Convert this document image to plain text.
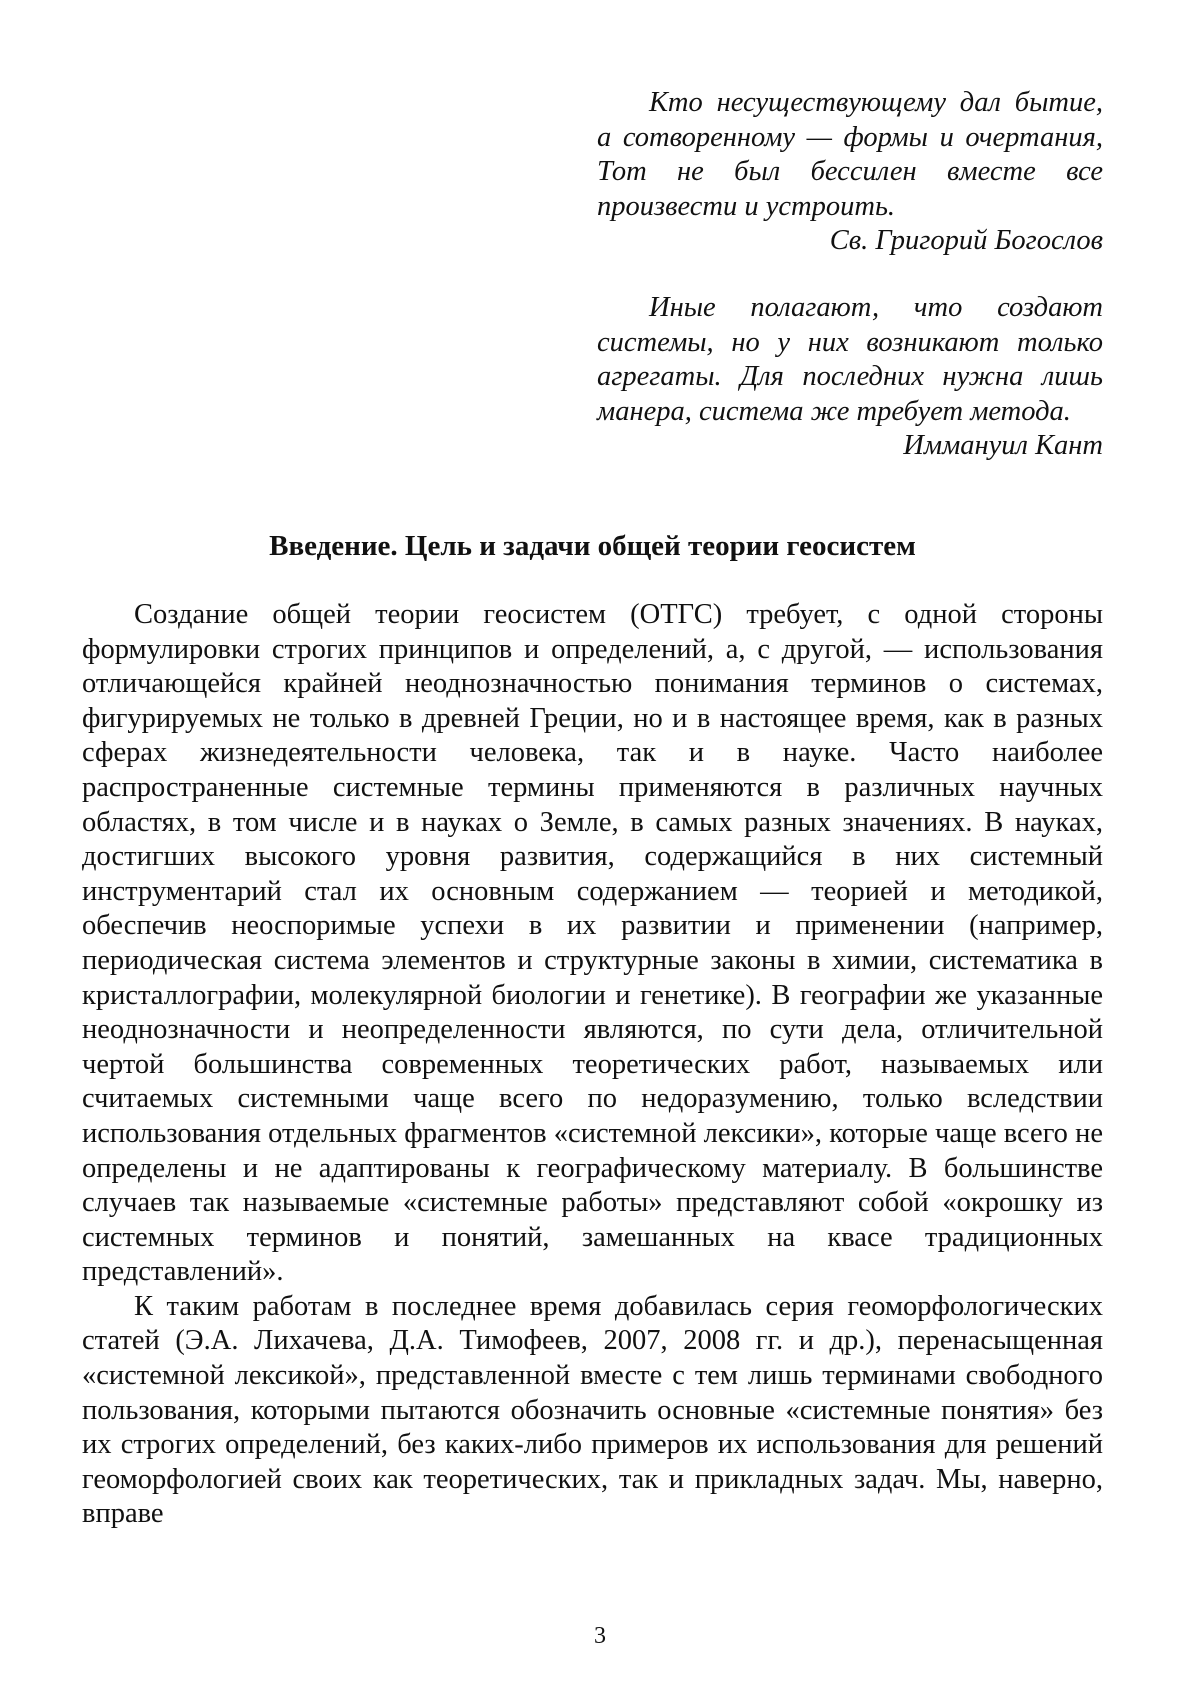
Кто несуществующему дал бытие, а сотворенному — формы и очертания, Тот не был бессилен вместе все произвести и устроить.

Св. Григорий Богослов

Иные полагают, что создают системы, но у них возникают только агрегаты. Для последних нужна лишь манера, система же требует метода.

Иммануил Кант

Введение. Цель и задачи общей теории геосистем

Создание общей теории геосистем (ОТГС) требует, с одной стороны формулировки строгих принципов и определений, а, с другой, — использования отличающейся крайней неоднозначностью понимания терминов о системах, фигурируемых не только в древней Греции, но и в настоящее время, как в разных сферах жизнедеятельности человека, так и в науке. Часто наиболее распространенные системные термины применяются в различных научных областях, в том числе и в науках о Земле, в самых разных значениях. В науках, достигших высокого уровня развития, содержащийся в них системный инструментарий стал их основным содержанием — теорией и методикой, обеспечив неоспоримые успехи в их развитии и применении (например, периодическая система элементов и структурные законы в химии, систематика в кристаллографии, молекулярной биологии и генетике). В географии же указанные неоднозначности и неопределенности являются, по сути дела, отличительной чертой большинства современных теоретических работ, называемых или считаемых системными чаще всего по недоразумению, только вследствии использования отдельных фрагментов «системной лексики», которые чаще всего не определены и не адаптированы к географическому материалу. В большинстве случаев так называемые «системные работы» представляют собой «окрошку из системных терминов и понятий, замешанных на квасе традиционных представлений».

К таким работам в последнее время добавилась серия геоморфологических статей (Э.А. Лихачева, Д.А. Тимофеев, 2007, 2008 гг. и др.), перенасыщенная «системной лексикой», представленной вместе с тем лишь терминами свободного пользования, которыми пытаются обозначить основные «системные понятия» без их строгих определений, без каких-либо примеров их использования для решений геоморфологией своих как теоретических, так и прикладных задач. Мы, наверно, вправе

3
